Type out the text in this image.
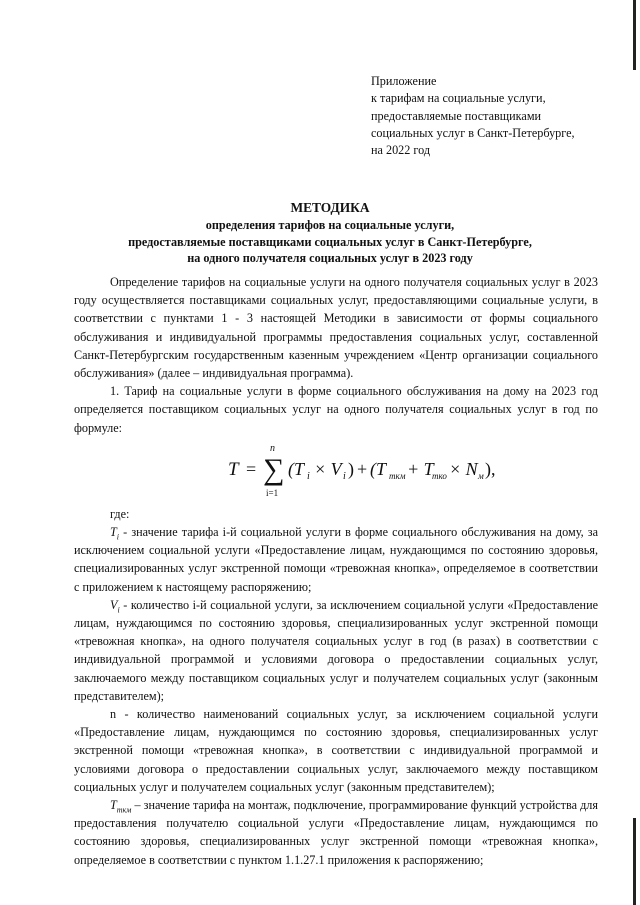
Приложение
к тарифам на социальные услуги,
предоставляемые поставщиками
социальных услуг в Санкт-Петербурге,
на 2022 год
МЕТОДИКА
определения тарифов на социальные услуги,
предоставляемые поставщиками социальных услуг в Санкт-Петербурге,
на одного получателя социальных услуг в 2023 году

Определение тарифов на социальные услуги на одного получателя социальных услуг в 2023 году осуществляется поставщиками социальных услуг, предоставляющими социальные услуги, в соответствии с пунктами 1 - 3 настоящей Методики в зависимости от формы социального обслуживания и индивидуальной программы предоставления социальных услуг, составленной Санкт-Петербургским государственным казенным учреждением «Центр организации социального обслуживания» (далее – индивидуальная программа).

1. Тариф на социальные услуги в форме социального обслуживания на дому на 2023 год определяется поставщиком социальных услуг на одного получателя социальных услуг в год по формуле:

T = ∑
n
i=1
(T i × V i ) + (T ткм + T
тко × N м ),

где:

$T_i$ - значение тарифа i-й социальной услуги в форме социального обслуживания на дому, за исключением социальной услуги «Предоставление лицам, нуждающимся по состоянию здоровья, специализированных услуг экстренной помощи «тревожная кнопка», определяемое в соответствии с приложением к настоящему распоряжению;

$V_i$ - количество i-й социальной услуги, за исключением социальной услуги «Предоставление лицам, нуждающимся по состоянию здоровья, специализированных услуг экстренной помощи «тревожная кнопка», на одного получателя социальных услуг в год (в разах) в соответствии с индивидуальной программой и условиями договора о предоставлении социальных услуг, заключаемого между поставщиком социальных услуг и получателем социальных услуг (законным представителем);

n - количество наименований социальных услуг, за исключением социальной услуги «Предоставление лицам, нуждающимся по состоянию здоровья, специализированных услуг экстренной помощи «тревожная кнопка», в соответствии с индивидуальной программой и условиями договора о предоставлении социальных услуг, заключаемого между поставщиком социальных услуг и получателем социальных услуг (законным представителем);

$T_{ткм}$ – значение тарифа на монтаж, подключение, программирование функций устройства для предоставления получателю социальной услуги «Предоставление лицам, нуждающимся по состоянию здоровья, специализированных услуг экстренной помощи «тревожная кнопка», определяемое в соответствии с пунктом 1.1.27.1 приложения к распоряжению;
